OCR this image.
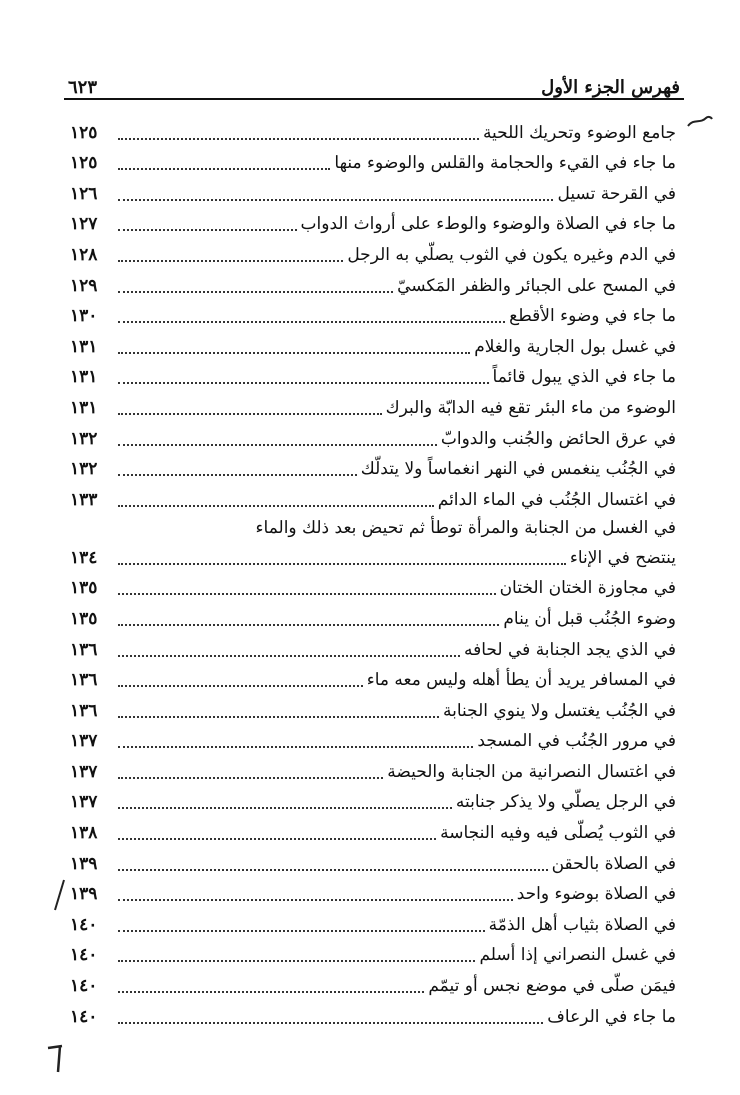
فهرس الجزء الأول
٦٢٣
جامع الوضوء وتحريك اللحية
١٢٥
ما جاء في القيء والحجامة والقلس والوضوء منها
١٢٥
في القرحة تسيل
١٢٦
ما جاء في الصلاة والوضوء والوطء على أرواث الدواب
١٢٧
في الدم وغيره يكون في الثوب يصلّي به الرجل
١٢٨
في المسح على الجبائر والظفر المَكسيّ
١٢٩
ما جاء في وضوء الأقطع
١٣٠
في غسل بول الجارية والغلام
١٣١
ما جاء في الذي يبول قائماً
١٣١
الوضوء من ماء البئر تقع فيه الدابّة والبرك
١٣١
في عرق الحائض والجُنب والدوابّ
١٣٢
في الجُنُب ينغمس في النهر انغماساً ولا يتدلّك
١٣٢
في اغتسال الجُنُب في الماء الدائم
١٣٣
في الغسل من الجنابة والمرأة توطأ ثم تحيض بعد ذلك والماء
ينتضح في الإناء
١٣٤
في مجاوزة الختان الختان
١٣٥
وضوء الجُنُب قبل أن ينام
١٣٥
في الذي يجد الجنابة في لحافه
١٣٦
في المسافر يريد أن يطأ أهله وليس معه ماء
١٣٦
في الجُنُب يغتسل ولا ينوي الجنابة
١٣٦
في مرور الجُنُب في المسجد
١٣٧
في اغتسال النصرانية من الجنابة والحيضة
١٣٧
في الرجل يصلّي ولا يذكر جنابته
١٣٧
في الثوب يُصلّى فيه وفيه النجاسة
١٣٨
في الصلاة بالحقن
١٣٩
في الصلاة بوضوء واحد
١٣٩
في الصلاة بثياب أهل الذمّة
١٤٠
في غسل النصراني إذا أسلم
١٤٠
فيمَن صلّى في موضع نجس أو تيمّم
١٤٠
ما جاء في الرعاف
١٤٠
